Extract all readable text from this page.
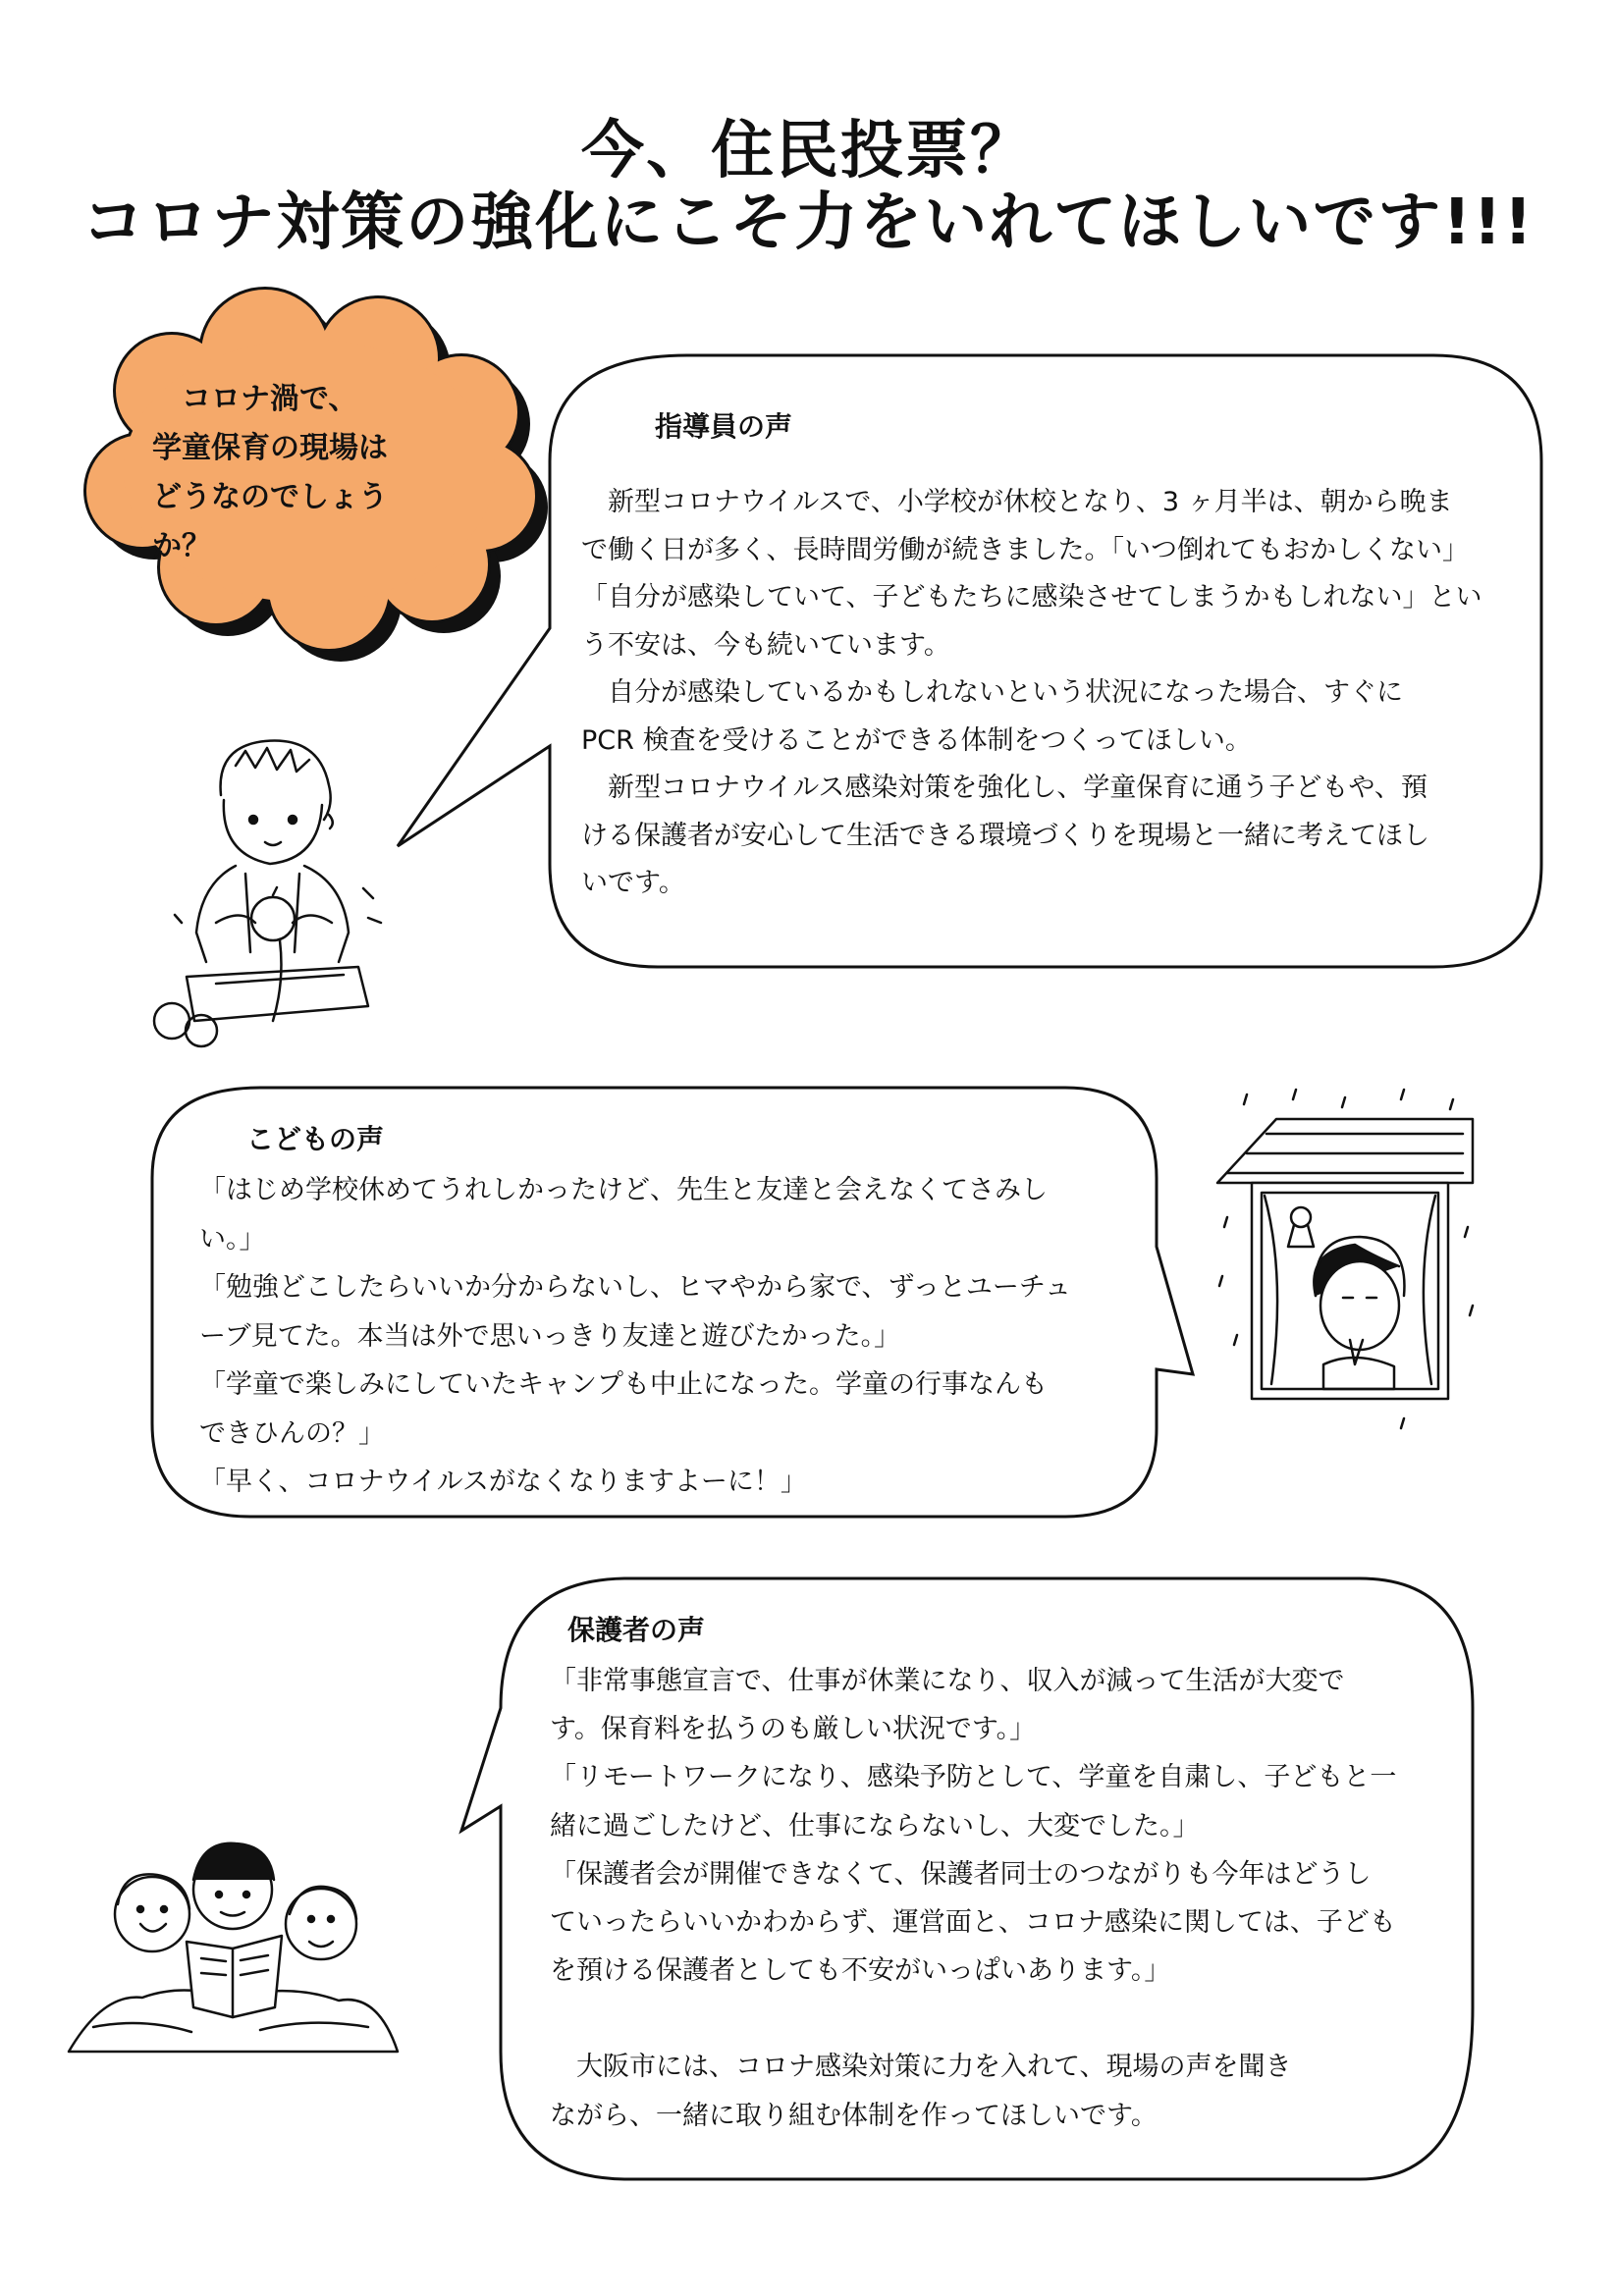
今、住民投票？
コロナ対策の強化にこそ力をいれてほしいです!!!
　コロナ渦で、
学童保育の現場は
どうなのでしょう
か？
指導員の声
　新型コロナウイルスで、小学校が休校となり、3 ヶ月半は、朝から晩ま
で働く日が多く、長時間労働が続きました。「いつ倒れてもおかしくない」
「自分が感染していて、子どもたちに感染させてしまうかもしれない」とい
う不安は、今も続いています。
　自分が感染しているかもしれないという状況になった場合、すぐに
PCR 検査を受けることができる体制をつくってほしい。
　新型コロナウイルス感染対策を強化し、学童保育に通う子どもや、預
ける保護者が安心して生活できる環境づくりを現場と一緒に考えてほし
いです。
こどもの声
「はじめ学校休めてうれしかったけど、先生と友達と会えなくてさみし
い。」
「勉強どこしたらいいか分からないし、ヒマやから家で、ずっとユーチュ
ーブ見てた。本当は外で思いっきり友達と遊びたかった。」
「学童で楽しみにしていたキャンプも中止になった。学童の行事なんも
できひんの？」
「早く、コロナウイルスがなくなりますよーに！」
保護者の声
「非常事態宣言で、仕事が休業になり、収入が減って生活が大変で
す。保育料を払うのも厳しい状況です。」
「リモートワークになり、感染予防として、学童を自粛し、子どもと一
緒に過ごしたけど、仕事にならないし、大変でした。」
「保護者会が開催できなくて、保護者同士のつながりも今年はどうし
ていったらいいかわからず、運営面と、コロナ感染に関しては、子ども
を預ける保護者としても不安がいっぱいあります。」
　大阪市には、コロナ感染対策に力を入れて、現場の声を聞き
ながら、一緒に取り組む体制を作ってほしいです。
